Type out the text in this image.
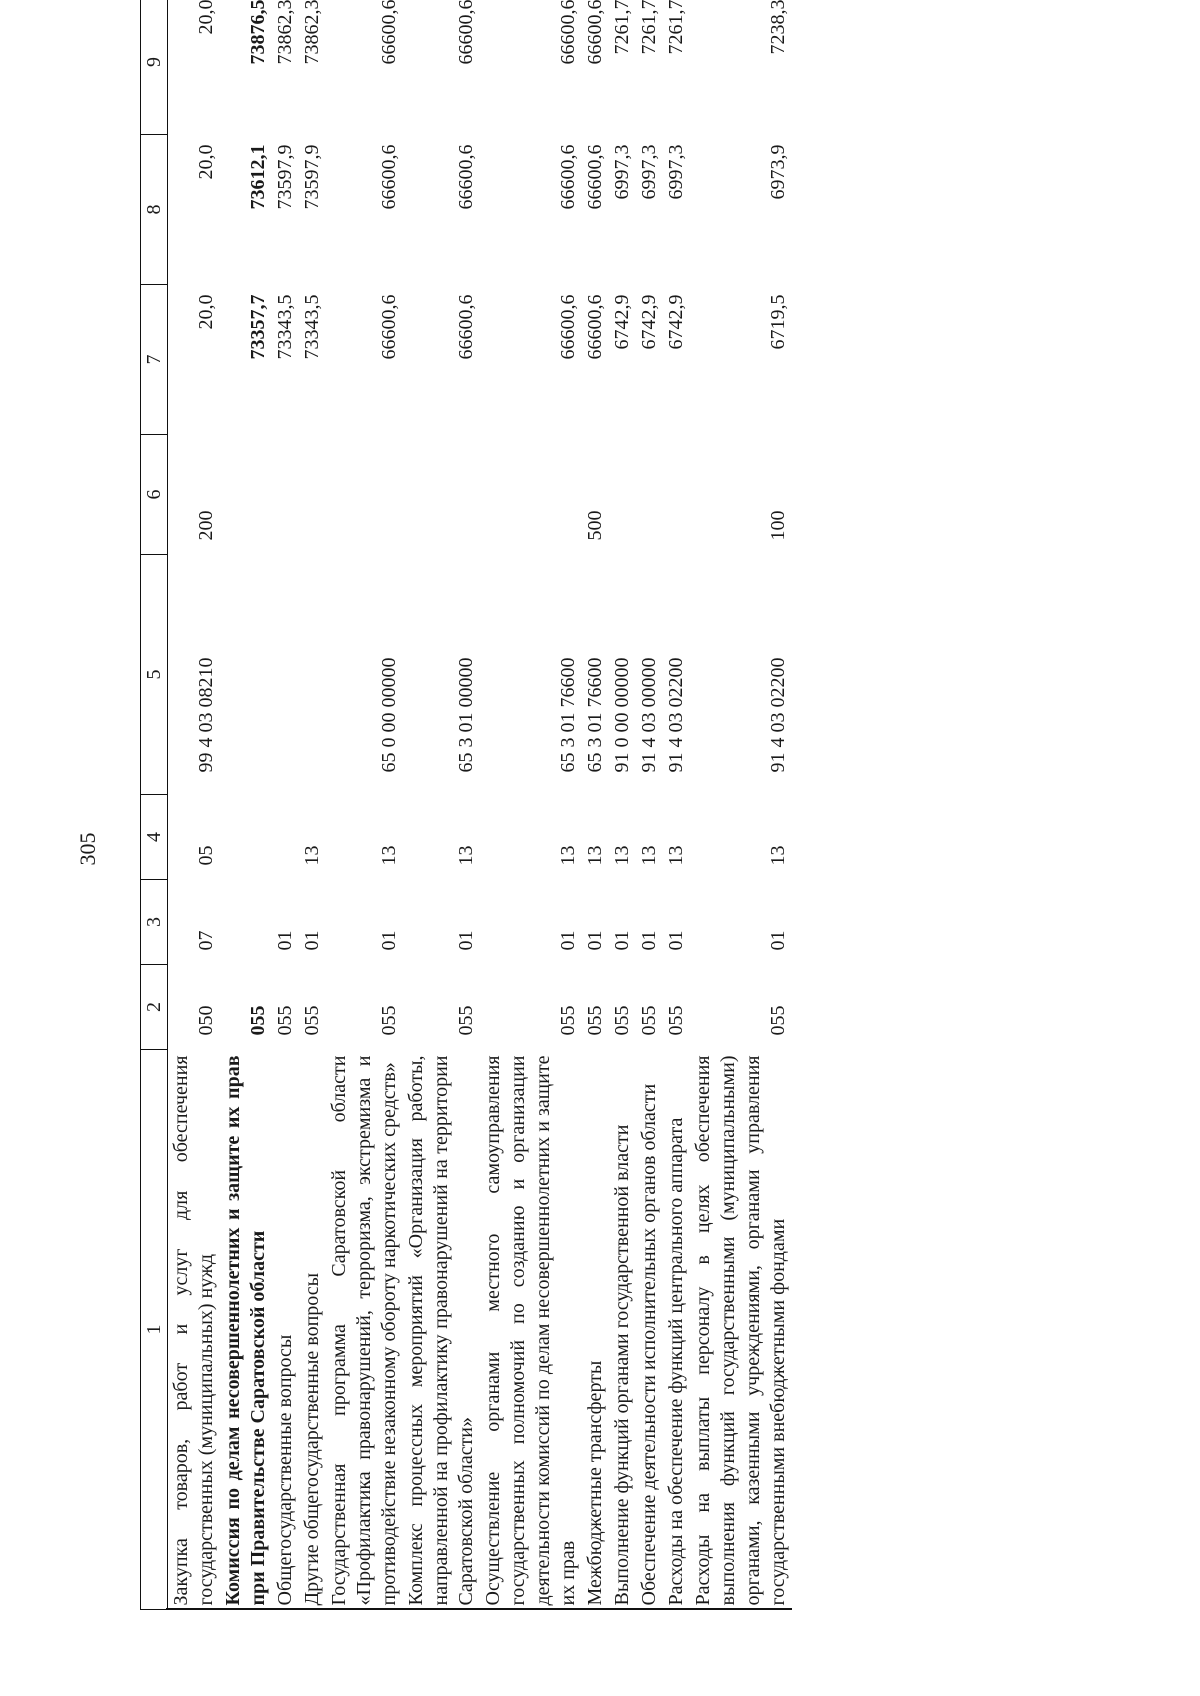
305
1	2	3	4	5	6	7	8	9
Закупка товаров, работ и услуг для обеспечения государственных (муниципальных) нужд	050	07	05	99 4 03 08210	200	20,0	20,0	20,0
Комиссия по делам несовершеннолетних и защите их прав при Правительстве Саратовской области	055					73357,7	73612,1	73876,5
Общегосударственные вопросы	055	01				73343,5	73597,9	73862,3
Другие общегосударственные вопросы	055	01	13			73343,5	73597,9	73862,3
Государственная программа Саратовской области «Профилактика правонарушений, терроризма, экстремизма и противодействие незаконному обороту наркотических средств»	055	01	13	65 0 00 00000		66600,6	66600,6	66600,6
Комплекс процессных мероприятий «Организация работы, направленной на профилактику правонарушений на территории Саратовской области»	055	01	13	65 3 01 00000		66600,6	66600,6	66600,6
Осуществление органами местного самоуправления государственных полномочий по созданию и организации деятельности комиссий по делам несовершеннолетних и защите их прав	055	01	13	65 3 01 76600		66600,6	66600,6	66600,6
Межбюджетные трансферты	055	01	13	65 3 01 76600	500	66600,6	66600,6	66600,6
Выполнение функций органами государственной власти	055	01	13	91 0 00 00000		6742,9	6997,3	7261,7
Обеспечение деятельности исполнительных органов области	055	01	13	91 4 03 00000		6742,9	6997,3	7261,7
Расходы на обеспечение функций центрального аппарата	055	01	13	91 4 03 02200		6742,9	6997,3	7261,7
Расходы на выплаты персоналу в целях обеспечения выполнения функций государственными (муниципальными) органами, казенными учреждениями, органами управления государственными внебюджетными фондами	055	01	13	91 4 03 02200	100	6719,5	6973,9	7238,3
